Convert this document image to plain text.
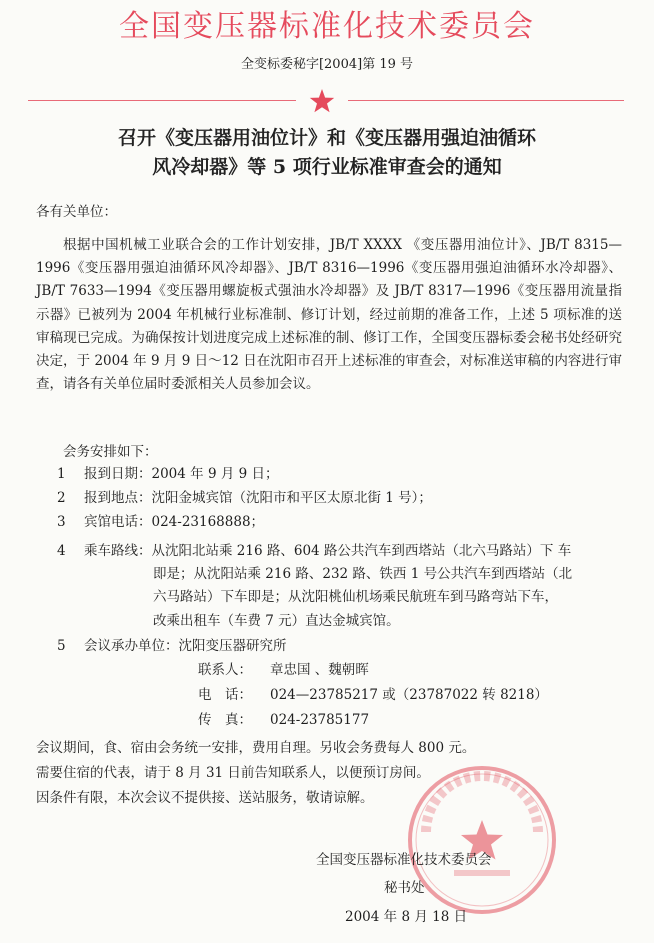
全国变压器标准化技术委员会
全变标委秘字[2004]第 19 号
召开《变压器用油位计》和《变压器用强迫油循环
风冷却器》等 5 项行业标准审查会的通知
各有关单位：
根据中国机械工业联合会的工作计划安排，JB/T XXXX 《变压器用油位计》、JB/T 8315—1996《变压器用强迫油循环风冷却器》、JB/T 8316—1996《变压器用强迫油循环水冷却器》、JB/T 7633—1994《变压器用螺旋板式强油水冷却器》及 JB/T 8317—1996《变压器用流量指示器》已被列为 2004 年机械行业标准制、修订计划，经过前期的准备工作，上述 5 项标准的送审稿现已完成。为确保按计划进度完成上述标准的制、修订工作，全国变压器标委会秘书处经研究决定，于 2004 年 9 月 9 日～12 日在沈阳市召开上述标准的审查会，对标准送审稿的内容进行审查，请各有关单位届时委派相关人员参加会议。
会务安排如下：
1 报到日期：2004 年 9 月 9 日；
2 报到地点：沈阳金城宾馆（沈阳市和平区太原北街 1 号）；
3 宾馆电话：024-23168888；
4 乘车路线：从沈阳北站乘 216 路、604 路公共汽车到西塔站（北六马路站）下 车
即是；从沈阳站乘 216 路、232 路、铁西 1 号公共汽车到西塔站（北
六马路站）下车即是；从沈阳桃仙机场乘民航班车到马路弯站下车，
改乘出租车（车费 7 元）直达金城宾馆。
5 会议承办单位：沈阳变压器研究所
联系人： 章忠国 、魏朝晖
电　话： 024—23785217 或（23787022 转 8218）
传　真： 024-23785177
会议期间，食、宿由会务统一安排，费用自理。另收会务费每人 800 元。
需要住宿的代表，请于 8 月 31 日前告知联系人，以便预订房间。
因条件有限，本次会议不提供接、送站服务，敬请谅解。
全国变压器标准化技术委员会
秘书处
2004 年 8 月 18 日
